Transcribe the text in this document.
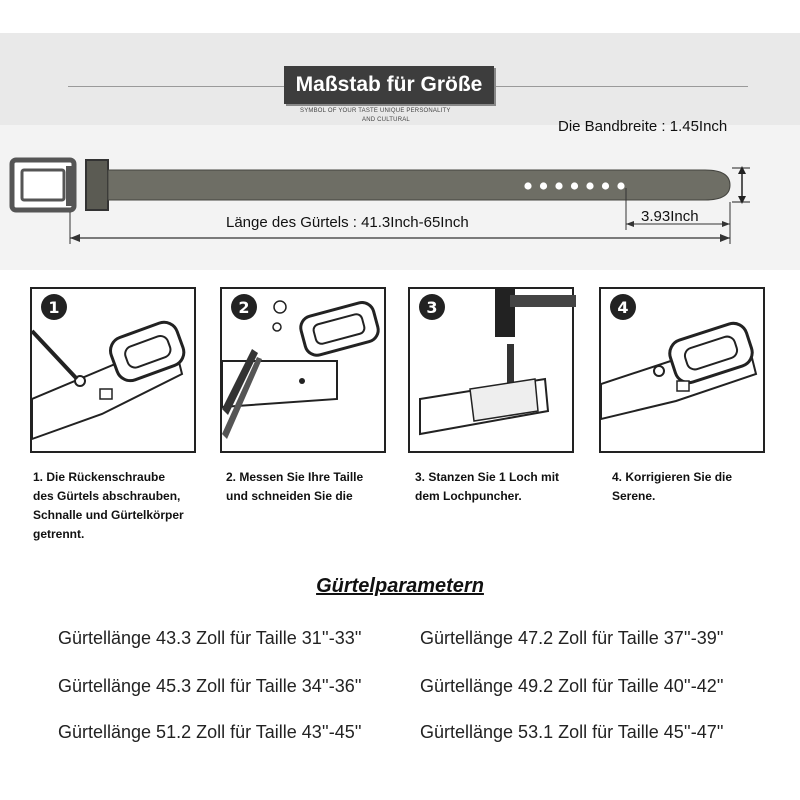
Maßstab für Größe
SYMBOL OF YOUR TASTE UNIQUE PERSONALITY
AND CULTURAL	Die Bandbreite : 1.45Inch
Länge des Gürtels : 41.3Inch-65Inch	3.93Inch
1
1. Die Rückenschraube
des Gürtels abschrauben,
Schnalle und Gürtelkörper
getrennt.
2
2. Messen Sie Ihre Taille
und schneiden Sie die
3
3. Stanzen Sie 1 Loch mit
dem Lochpuncher.
4
4. Korrigieren Sie die
Serene.
Gürtelparametern
Gürtellänge 43.3 Zoll für Taille 31''-33''
Gürtellänge 45.3 Zoll für Taille 34''-36''
Gürtellänge 51.2 Zoll für Taille 43''-45''
Gürtellänge 47.2 Zoll für Taille 37''-39''
Gürtellänge 49.2 Zoll für Taille 40''-42''
Gürtellänge 53.1 Zoll für Taille 45''-47''
